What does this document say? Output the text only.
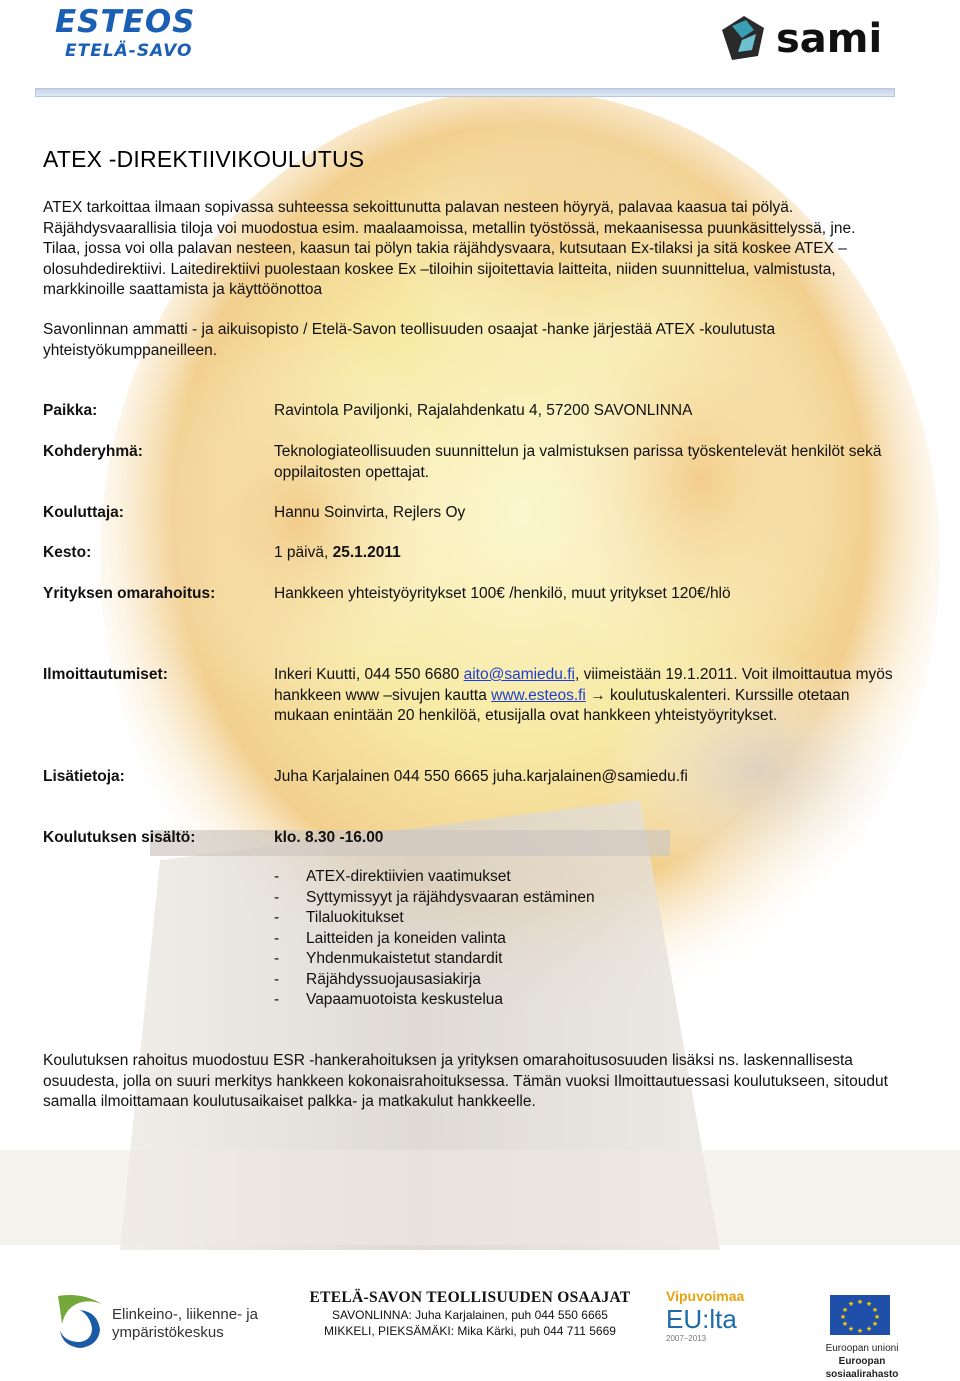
ESTEOS
ETELÄ-SAVO	sami
ATEX -DIREKTIIVIKOULUTUS

ATEX tarkoittaa ilmaan sopivassa suhteessa sekoittunutta palavan nesteen höyryä, palavaa kaasua tai pölyä. Räjähdysvaarallisia tiloja voi muodostua esim. maalaamoissa, metallin työstössä, mekaanisessa puunkäsittelyssä, jne. Tilaa, jossa voi olla palavan nesteen, kaasun tai pölyn takia räjähdysvaara, kutsutaan Ex-tilaksi ja sitä koskee ATEX – olosuhdedirektiivi. Laitedirektiivi puolestaan koskee Ex –tiloihin sijoitettavia laitteita, niiden suunnittelua, valmistusta, markkinoille saattamista ja käyttöönottoa

Savonlinnan ammatti - ja aikuisopisto / Etelä-Savon teollisuuden osaajat -hanke järjestää ATEX -koulutusta yhteistyökumppaneilleen.

Paikka:	Ravintola Paviljonki, Rajalahdenkatu 4, 57200 SAVONLINNA
Kohderyhmä:	Teknologiateollisuuden suunnittelun ja valmistuksen parissa työskentelevät henkilöt sekä oppilaitosten opettajat.
Kouluttaja:	Hannu Soinvirta, Rejlers Oy
Kesto:	1 päivä, 25.1.2011
Yrityksen omarahoitus:	Hankkeen yhteistyöyritykset 100€ /henkilö, muut yritykset 120€/hlö
Ilmoittautumiset:	Inkeri Kuutti, 044 550 6680 aito@samiedu.fi, viimeistään 19.1.2011. Voit ilmoittautua myös hankkeen www –sivujen kautta www.esteos.fi → koulutuskalenteri. Kurssille otetaan mukaan enintään 20 henkilöä, etusijalla ovat hankkeen yhteistyöyritykset.
Lisätietoja:	Juha Karjalainen 044 550 6665 juha.karjalainen@samiedu.fi
Koulutuksen sisältö:	klo. 8.30 -16.00
- ATEX-direktiivien vaatimukset
- Syttymissyyt ja räjähdysvaaran estäminen
- Tilaluokitukset
- Laitteiden ja koneiden valinta
- Yhdenmukaistetut standardit
- Räjähdyssuojausasiakirja
- Vapaamuotoista keskustelua

Koulutuksen rahoitus muodostuu ESR -hankerahoituksen ja yrityksen omarahoitusosuuden lisäksi ns. laskennallisesta osuudesta, jolla on suuri merkitys hankkeen kokonaisrahoituksessa. Tämän vuoksi Ilmoittautuessasi koulutukseen, sitoudut samalla ilmoittamaan koulutusaikaiset palkka- ja matkakulut hankkeelle.

Elinkeino-, liikenne- ja
ympäristökeskus
ETELÄ-SAVON TEOLLISUUDEN OSAAJAT
SAVONLINNA: Juha Karjalainen, puh 044 550 6665
MIKKELI, PIEKSÄMÄKI: Mika Kärki, puh 044 711 5669
Vipuvoimaa
EU:lta
2007–2013
★ ★
★
★
★
★
★
★
★
★
★
★
Euroopan unioni
Euroopan sosiaalirahasto
